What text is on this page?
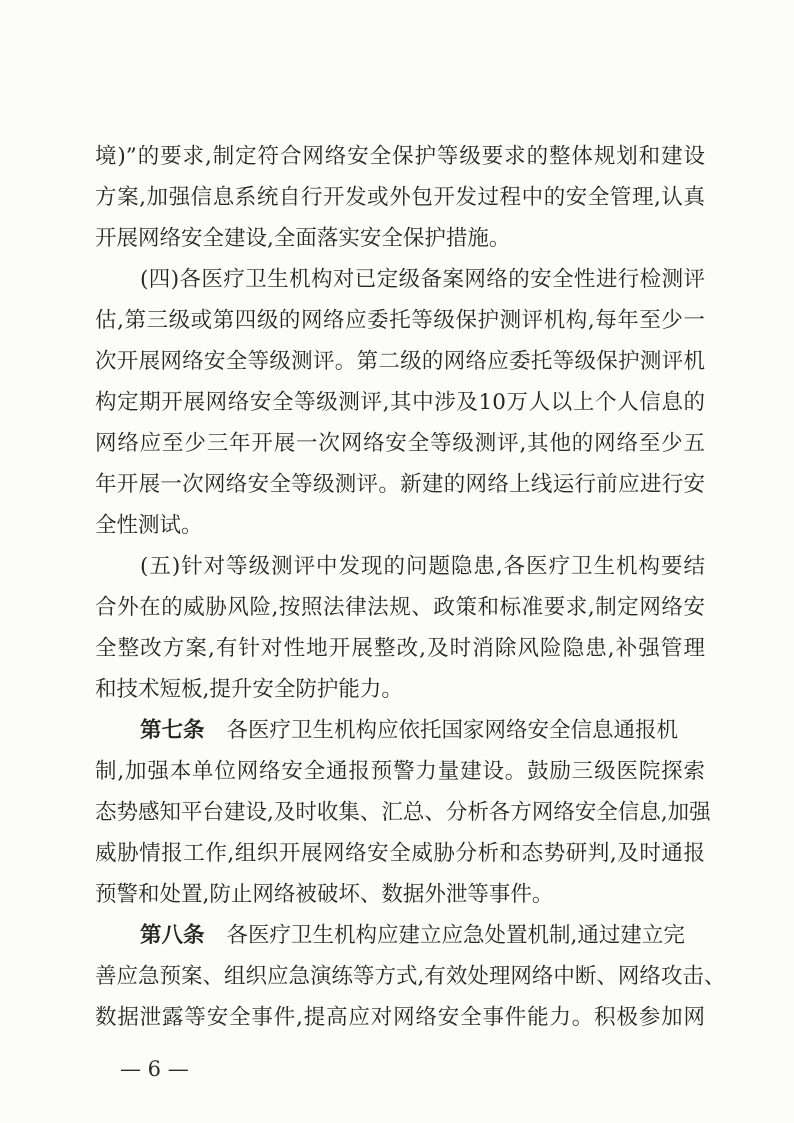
境)”的要求,制定符合网络安全保护等级要求的整体规划和建设
方案,加强信息系统自行开发或外包开发过程中的安全管理,认真
开展网络安全建设,全面落实安全保护措施。
(四)各医疗卫生机构对已定级备案网络的安全性进行检测评
估,第三级或第四级的网络应委托等级保护测评机构,每年至少一
次开展网络安全等级测评。第二级的网络应委托等级保护测评机
构定期开展网络安全等级测评,其中涉及10万人以上个人信息的
网络应至少三年开展一次网络安全等级测评,其他的网络至少五
年开展一次网络安全等级测评。新建的网络上线运行前应进行安
全性测试。
(五)针对等级测评中发现的问题隐患,各医疗卫生机构要结
合外在的威胁风险,按照法律法规、政策和标准要求,制定网络安
全整改方案,有针对性地开展整改,及时消除风险隐患,补强管理
和技术短板,提升安全防护能力。
第七条 各医疗卫生机构应依托国家网络安全信息通报机
制,加强本单位网络安全通报预警力量建设。鼓励三级医院探索
态势感知平台建设,及时收集、汇总、分析各方网络安全信息,加强
威胁情报工作,组织开展网络安全威胁分析和态势研判,及时通报
预警和处置,防止网络被破坏、数据外泄等事件。
第八条 各医疗卫生机构应建立应急处置机制,通过建立完
善应急预案、组织应急演练等方式,有效处理网络中断、网络攻击、
数据泄露等安全事件,提高应对网络安全事件能力。积极参加网
— 6 —
